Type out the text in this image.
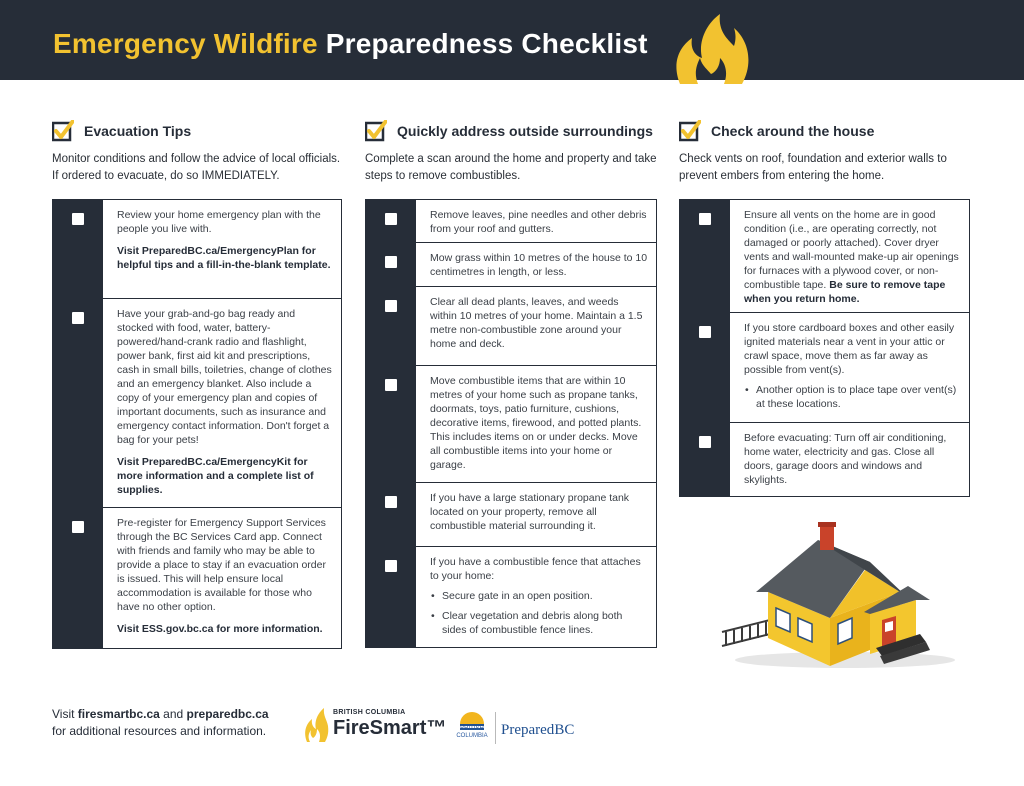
Emergency Wildfire Preparedness Checklist
Evacuation Tips
Monitor conditions and follow the advice of local officials. If ordered to evacuate, do so IMMEDIATELY.
Quickly address outside surroundings
Complete a scan around the home and property and take steps to remove combustibles.
Check around the house
Check vents on roof, foundation and exterior walls to prevent embers from entering the home.

Review your home emergency plan with the people you live with.

Visit PreparedBC.ca/EmergencyPlan for helpful tips and a fill-in-the-blank template.

Have your grab-and-go bag ready and stocked with food, water, battery-powered/hand-crank radio and flashlight, power bank, first aid kit and prescriptions, cash in small bills, toiletries, change of clothes and an emergency blanket. Also include a copy of your emergency plan and copies of important documents, such as insurance and emergency contact information. Don't forget a bag for your pets!

Visit PreparedBC.ca/EmergencyKit for more information and a complete list of supplies.

Pre-register for Emergency Support Services through the BC Services Card app. Connect with friends and family who may be able to provide a place to stay if an evacuation order is issued. This will help ensure local accommodation is available for those who have no other option.

Visit ESS.gov.bc.ca for more information.

Remove leaves, pine needles and other debris from your roof and gutters.

Mow grass within 10 metres of the house to 10 centimetres in length, or less.

Clear all dead plants, leaves, and weeds within 10 metres of your home. Maintain a 1.5 metre non-combustible zone around your home and deck.

Move combustible items that are within 10 metres of your home such as propane tanks, doormats, toys, patio furniture, cushions, decorative items, firewood, and potted plants. This includes items on or under decks. Move all combustible items into your home or garage.

If you have a large stationary propane tank located on your property, remove all combustible material surrounding it.

If you have a combustible fence that attaches to your home:

• Secure gate in an open position.
• Clear vegetation and debris along both sides of combustible fence lines.

Ensure all vents on the home are in good condition (i.e., are operating correctly, not damaged or poorly attached). Cover dryer vents and wall-mounted make-up air openings for furnaces with a plywood cover, or non-combustible tape. Be sure to remove tape when you return home.

If you store cardboard boxes and other easily ignited materials near a vent in your attic or crawl space, move them as far away as possible from vent(s).

• Another option is to place tape over vent(s) at these locations.

Before evacuating: Turn off air conditioning, home water, electricity and gas. Close all doors, garage doors and windows and skylights.

Visit firesmartbc.ca and preparedbc.ca
for additional resources and information.
BRITISH COLUMBIA
FireSmart™	BRITISH COLUMBIA PreparedBC
